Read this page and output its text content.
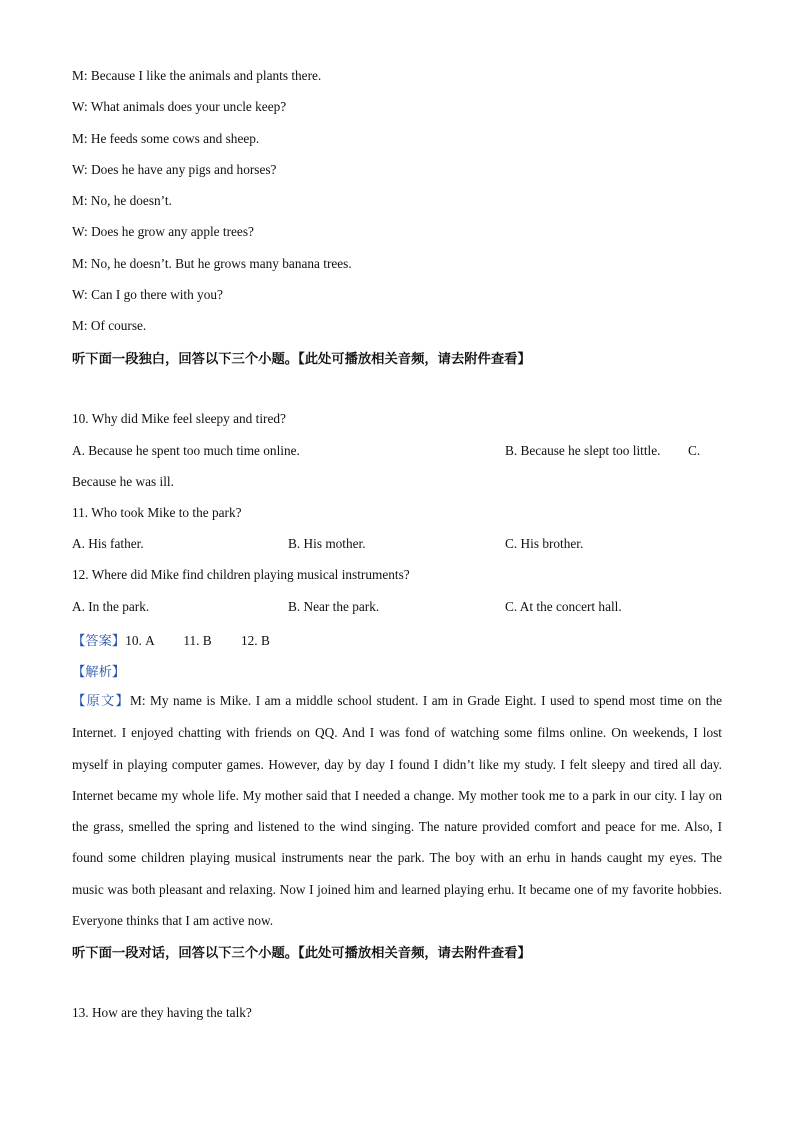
M: Because I like the animals and plants there.
W: What animals does your uncle keep?
M: He feeds some cows and sheep.
W: Does he have any pigs and horses?
M: No, he doesn’t.
W: Does he grow any apple trees?
M: No, he doesn’t. But he grows many banana trees.
W: Can I go there with you?
M: Of course.
听下面一段独白，回答以下三个小题。【此处可播放相关音频，请去附件查看】
10. Why did Mike feel sleepy and tired?
A. Because he spent too much time online.	B. Because he slept too little. C.
Because he was ill.
11. Who took Mike to the park?
A. His father.	B. His mother.	C. His brother.
12. Where did Mike find children playing musical instruments?
A. In the park.	B. Near the park.	C. At the concert hall.
【答案】10. A 11. B 12. B
【解析】
【原文】M: My name is Mike. I am a middle school student. I am in Grade Eight. I used to spend most time on the Internet. I enjoyed chatting with friends on QQ. And I was fond of watching some films online. On weekends, I lost myself in playing computer games. However, day by day I found I didn’t like my study. I felt sleepy and tired all day. Internet became my whole life. My mother said that I needed a change. My mother took me to a park in our city. I lay on the grass, smelled the spring and listened to the wind singing. The nature provided comfort and peace for me. Also, I found some children playing musical instruments near the park. The boy with an erhu in hands caught my eyes. The music was both pleasant and relaxing. Now I joined him and learned playing erhu. It became one of my favorite hobbies. Everyone thinks that I am active now.
听下面一段对话，回答以下三个小题。【此处可播放相关音频，请去附件查看】
13. How are they having the talk?
